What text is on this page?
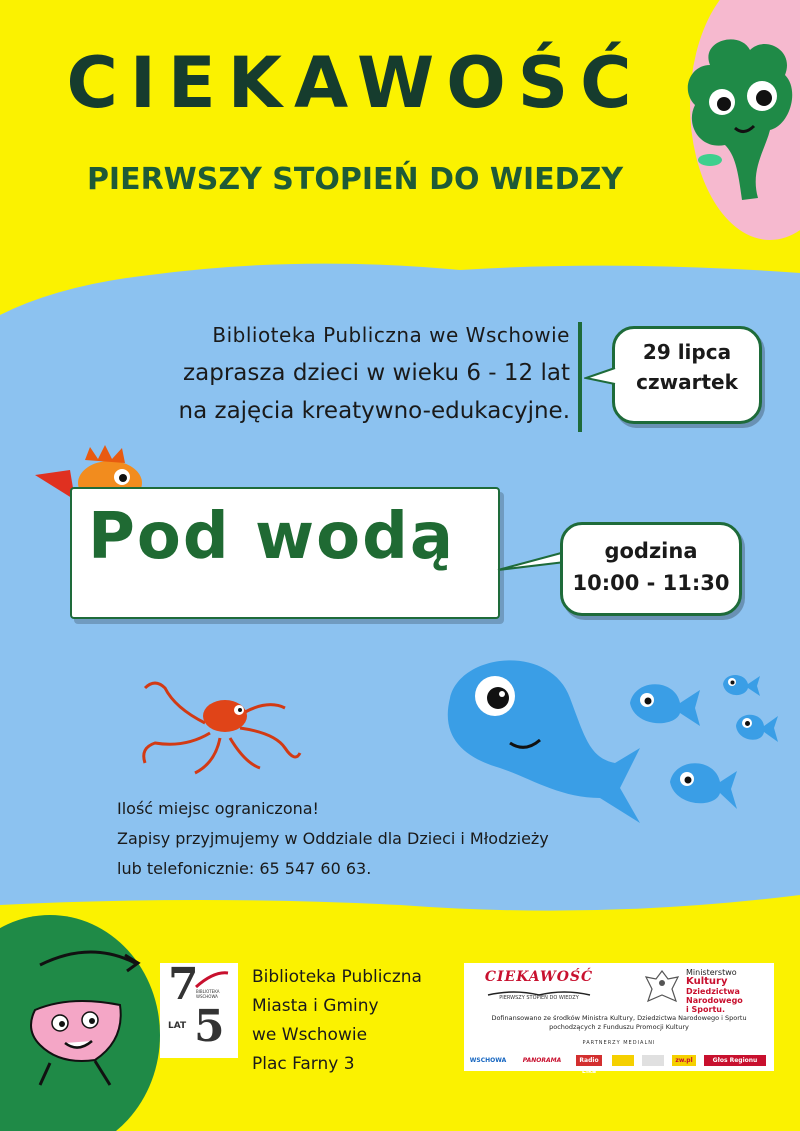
CIEKAWOŚĆ
PIERWSZY STOPIEŃ DO WIEDZY
Biblioteka Publiczna we Wschowie
zaprasza dzieci w wieku 6 - 12 lat
na zajęcia kreatywno-edukacyjne.
29 lipca
czwartek
Pod wodą	godzina
10:00 - 11:30
Ilość miejsc ograniczona!
Zapisy przyjmujemy w Oddziale dla Dzieci i Młodzieży
lub telefonicznie: 65 547 60 63.
7
5
LAT
BIBLIOTEKA WSCHOWA
Biblioteka Publiczna
Miasta i Gminy
we Wschowie
Plac Farny 3
CIEKAWOŚĆ
PIERWSZY STOPIEŃ DO WIEDZY
Ministerstwo
Kultury
Dziedzictwa
Narodowego
i Sportu.
Dofinansowano ze środków Ministra Kultury, Dziedzictwa Narodowego i Sportu
pochodzących z Funduszu Promocji Kultury
PARTNERZY MEDIALNI
WSCHOWA	PANORAMA	Radio Elka
zw.pl	Głos Regionu
